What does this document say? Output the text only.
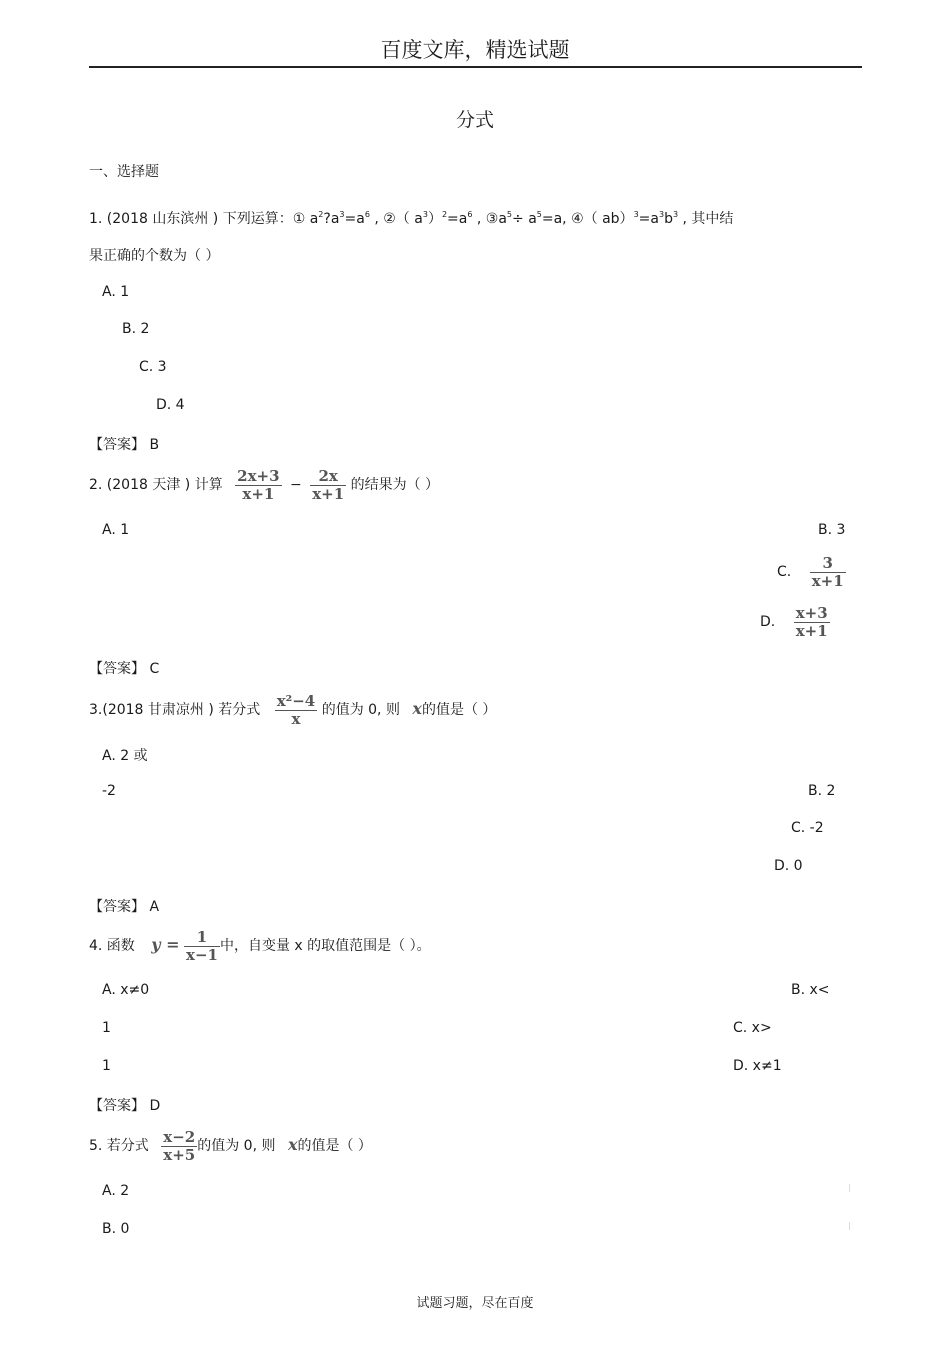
百度文库，精选试题
分式
一、选择题
1. (2018 山东滨州 ) 下列运算：① $a^2?a^3=a^6$ , ②（ $a^3)^2=a^6$ , $③a^5\div a^5=a$, ④（ $ab)^3=a^3b^3$ , 其中结
果正确的个数为（ ）
A. 1
B. 2
C. 3
D. 4
【答案】 B
2. (2018 天津 ) 计算 $\frac{2x+3}{x+1} - \frac{2x}{x+1}$ 的结果为（ ）
A. 1	B. 3
C. $\frac{3}{x+1}$
D. $\frac{x+3}{x+1}$
【答案】 C
3.(2018 甘肃凉州 ) 若分式 $\frac{\text{x²−4}}{x}$ 的值为 0, 则 x的值是（ ）
A. 2 或
-2	B. 2
C. -2
D. 0
【答案】 A
4. 函数 $y = \frac{1}{x-1}$ 中，自变量 x 的取值范围是（ ）。
A. x≠0	B. x<
1	C. x>
1	D. x≠1
【答案】 D
5. 若分式 $\frac{x-2}{x+5}$ 的值为 0, 则 x的值是（ ）
A. 2
B. 0
试题习题，尽在百度
